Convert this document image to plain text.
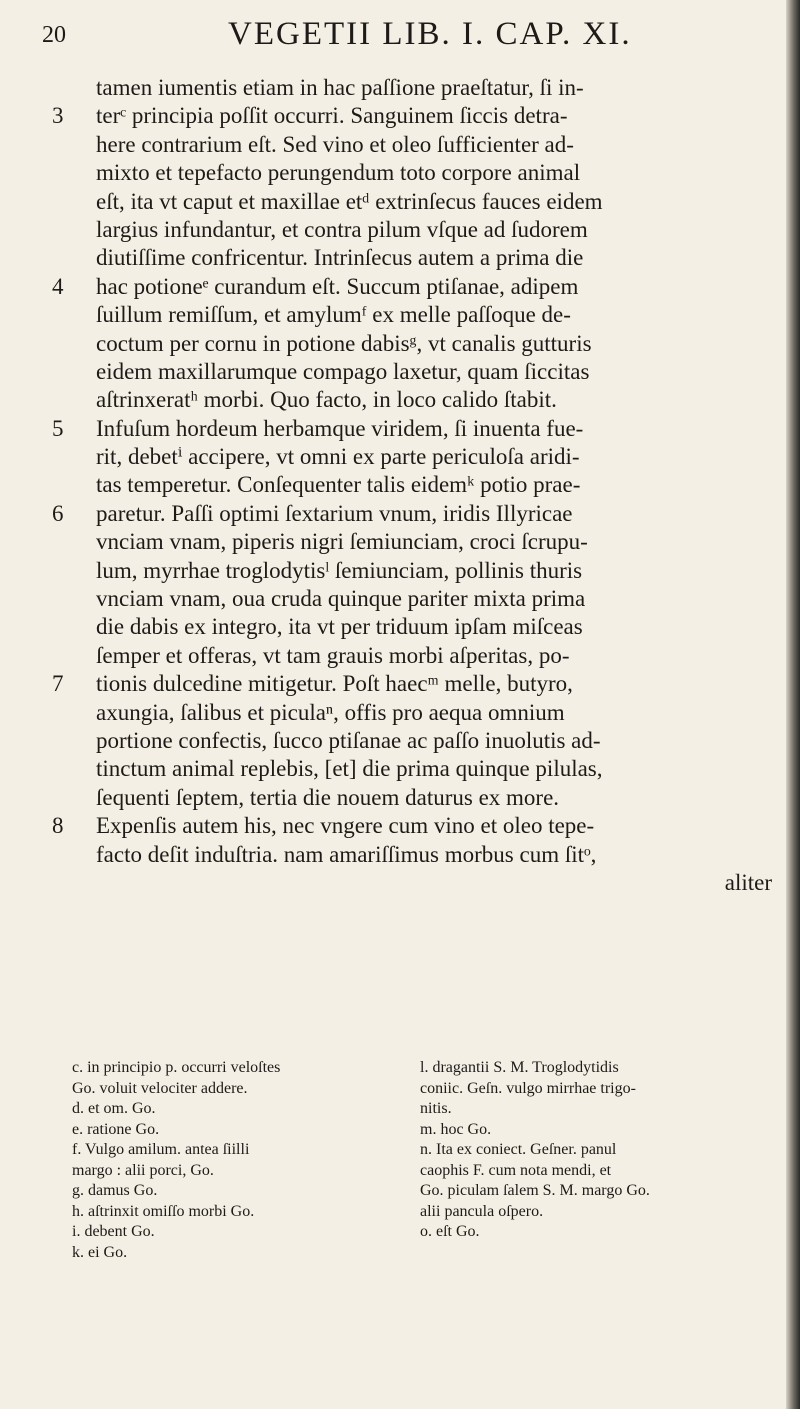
20	VEGETII LIB. I. CAP. XI.
tamen iumentis etiam in hac paſſione praeſtatur, ſi in-
3 terᶜ principia poſſit occurri. Sanguinem ſiccis detra-
here contrarium eſt. Sed vino et oleo ſufficienter ad-
mixto et tepefacto perungendum toto corpore animal
eſt, ita vt caput et maxillae etᵈ extrinſecus fauces eidem
largius infundantur, et contra pilum vſque ad ſudorem
diutiſſime confricentur. Intrinſecus autem a prima die
4 hac potioneᵉ curandum eſt. Succum ptiſanae, adipem
ſuillum remiſſum, et amylumᶠ ex melle paſſoque de-
coctum per cornu in potione dabisᵍ, vt canalis gutturis
eidem maxillarumque compago laxetur, quam ſiccitas
aſtrinxeratʰ morbi. Quo facto, in loco calido ſtabit.
5 Infuſum hordeum herbamque viridem, ſi inuenta fue-
rit, debetⁱ accipere, vt omni ex parte periculoſa aridi-
tas temperetur. Conſequenter talis eidemᵏ potio prae-
6 paretur. Paſſi optimi ſextarium vnum, iridis Illyricae
vnciam vnam, piperis nigri ſemiunciam, croci ſcrupu-
lum, myrrhae troglodytisˡ ſemiunciam, pollinis thuris
vnciam vnam, oua cruda quinque pariter mixta prima
die dabis ex integro, ita vt per triduum ipſam miſceas
ſemper et offeras, vt tam grauis morbi aſperitas, po-
7 tionis dulcedine mitigetur. Poſt haecᵐ melle, butyro,
axungia, ſalibus et piculaⁿ, offis pro aequa omnium
portione confectis, ſucco ptiſanae ac paſſo inuolutis ad-
tinctum animal replebis, [et] die prima quinque pilulas,
ſequenti ſeptem, tertia die nouem daturus ex more.
8 Expenſis autem his, nec vngere cum vino et oleo tepe-
facto deſit induſtria. nam amariſſimus morbus cum ſitᵒ,
aliter
c. in principio p. occurri veloſtes
Go. voluit velociter addere.
d. et om. Go.
e. ratione Go.
f. Vulgo amilum. antea ſiilli
margo : alii porci, Go.
g. damus Go.
h. aſtrinxit omiſſo morbi Go.
i. debent Go.
k. ei Go.
l. dragantii S. M. Troglodytidis
coniic. Geſn. vulgo mirrhae trigo-
nitis.
m. hoc Go.
n. Ita ex coniect. Geſner. panul
caophis F. cum nota mendi, et
Go. piculam ſalem S. M. margo Go.
alii pancula oſpero.
o. eſt Go.
